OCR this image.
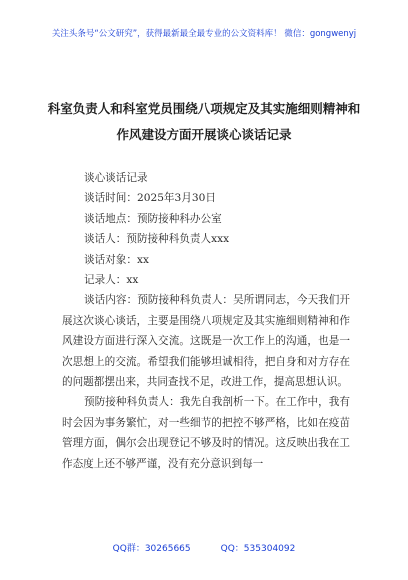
关注头条号“公文研究”，获得最新最全最专业的公文资料库！ 微信：gongwenyj
科室负责人和科室党员围绕八项规定及其实施细则精神和
作风建设方面开展谈心谈话记录

谈心谈话记录

谈话时间：2025年3月30日

谈话地点：预防接种科办公室

谈话人：预防接种科负责人xxx

谈话对象：xx

记录人：xx

谈话内容：预防接种科负责人：吴所谓同志，今天我们开展这次谈心谈话，主要是围绕八项规定及其实施细则精神和作风建设方面进行深入交流。这既是一次工作上的沟通，也是一次思想上的交流。希望我们能够坦诚相待，把自身和对方存在的问题都摆出来，共同查找不足，改进工作，提高思想认识。

预防接种科负责人：我先自我剖析一下。在工作中，我有时会因为事务繁忙，对一些细节的把控不够严格，比如在疫苗管理方面，偶尔会出现登记不够及时的情况。这反映出我在工作态度上还不够严谨，没有充分意识到每一

QQ群：30265665	QQ：535304092
